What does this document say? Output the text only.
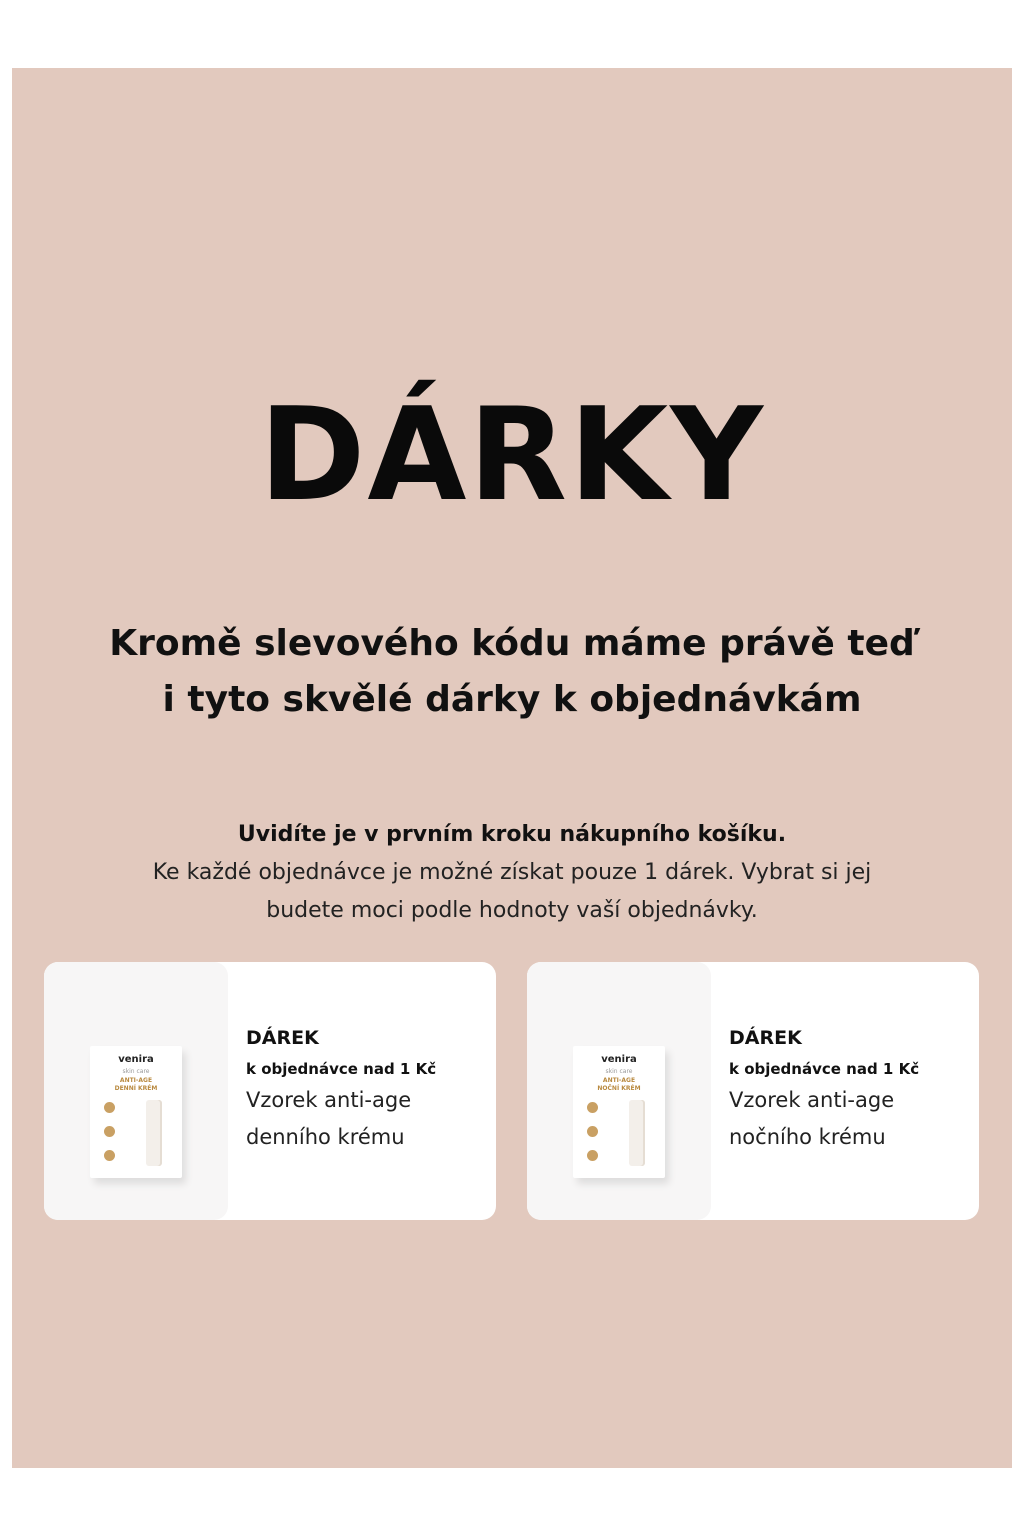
DÁRKY
Kromě slevového kódu máme právě teď
i tyto skvělé dárky k objednávkám
Uvidíte je v prvním kroku nákupního košíku.
Ke každé objednávce je možné získat pouze 1 dárek. Vybrat si jej
budete moci podle hodnoty vaší objednávky.
venira
skin care
ANTI-AGE
DENNÍ KRÉM
DÁREK
k objednávce nad 1 Kč
Vzorek anti-age
denního krému
venira
skin care
ANTI-AGE
NOČNÍ KRÉM
DÁREK
k objednávce nad 1 Kč
Vzorek anti-age
nočního krému
